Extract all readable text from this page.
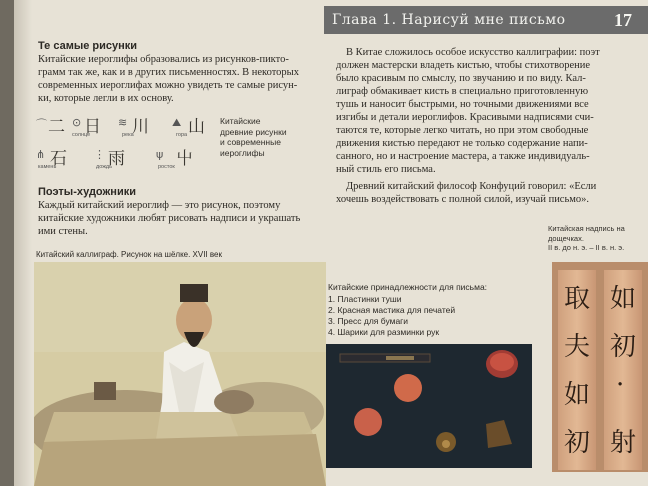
Глава 1. Нарисуй мне письмо	17
Те самые рисунки
Китайские иероглифы образовались из рисунков-пикто-
грамм так же, как и в других письменностях. В некоторых
современных иероглифах можно увидеть те самые рисун-
ки, которые легли в их основу.
⌒ 二 ⊙ 日
солнце
≋ 川
река
⛰ 山
гора
⋔ 石
камень
⋮ 雨
дождь
ψ 屮
росток
Китайские
древние рисунки
и современные
иероглифы
Поэты-художники
Каждый китайский иероглиф — это рисунок, поэтому
китайские художники любят рисовать надписи и украшать
ими стены.
Китайский каллиграф. Рисунок на шёлке. XVII век
В Китае сложилось особое искусство каллиграфии: поэт
должен мастерски владеть кистью, чтобы стихотворение
было красивым по смыслу, по звучанию и по виду. Кал-
лиграф обмакивает кисть в специально приготовленную
тушь и наносит быстрыми, но точными движениями все
изгибы и детали иероглифов. Красивыми надписями счи-
таются те, которые легко читать, но при этом свободные
движения кистью передают не только содержание напи-
санного, но и настроение мастера, а также индивидуаль-
ный стиль его письма.
Древний китайский философ Конфуций говорил: «Если
хочешь воздействовать с полной силой, изучай письмо».
Китайская надпись на
дощечках.
II в. до н. э. – II в. н. э.
Китайские принадлежности для письма:
1. Пластинки туши
2. Красная мастика для печатей
3. Пресс для бумаги
4. Шарики для разминки рук
取
夫
如
初
如
初
·
射
